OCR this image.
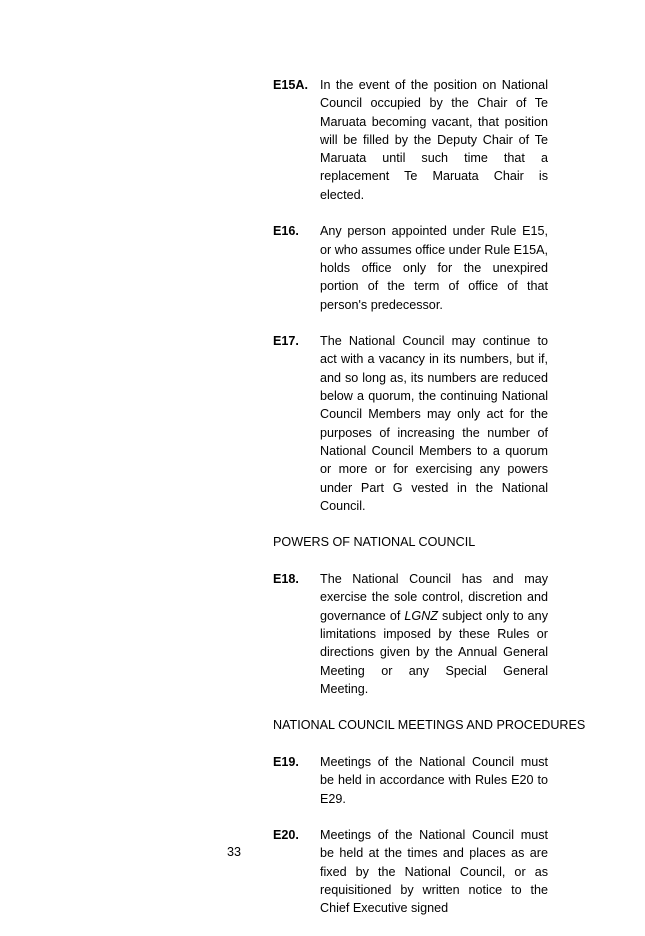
E15A. In the event of the position on National Council occupied by the Chair of Te Maruata becoming vacant, that position will be filled by the Deputy Chair of Te Maruata until such time that a replacement Te Maruata Chair is elected.
E16.	Any person appointed under Rule E15, or who assumes office under Rule E15A, holds office only for the unexpired portion of the term of office of that person's predecessor.
E17.	The National Council may continue to act with a vacancy in its numbers, but if, and so long as, its numbers are reduced below a quorum, the continuing National Council Members may only act for the purposes of increasing the number of National Council Members to a quorum or more or for exercising any powers under Part G vested in the National Council.
POWERS OF NATIONAL COUNCIL
E18.	The National Council has and may exercise the sole control, discretion and governance of LGNZ subject only to any limitations imposed by these Rules or directions given by the Annual General Meeting or any Special General Meeting.
NATIONAL COUNCIL MEETINGS AND PROCEDURES
E19.	Meetings of the National Council must be held in accordance with Rules E20 to E29.
E20.	Meetings of the National Council must be held at the times and places as are fixed by the National Council, or as requisitioned by written notice to the Chief Executive signed
33
